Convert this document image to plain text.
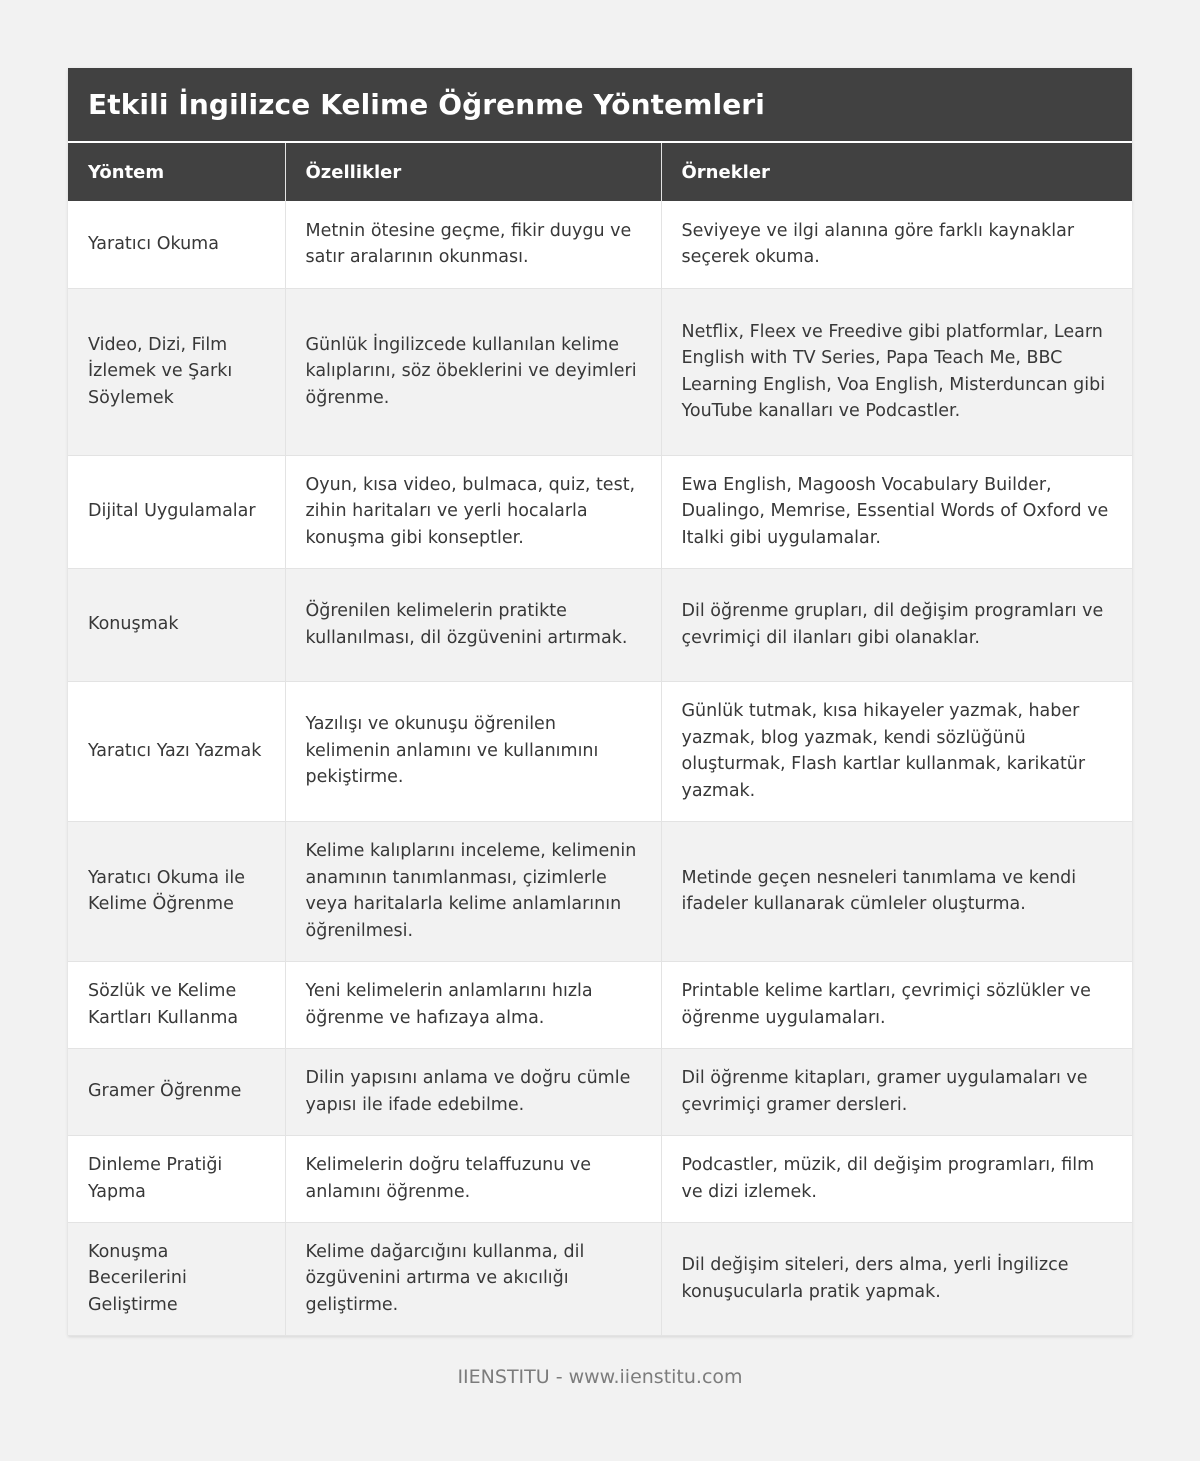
Etkili İngilizce Kelime Öğrenme Yöntemleri
Yöntem	Özellikler	Örnekler
Yaratıcı Okuma	Metnin ötesine geçme, fikir duygu ve satır aralarının okunması.	Seviyeye ve ilgi alanına göre farklı kaynaklar seçerek okuma.
Video, Dizi, Film İzlemek ve Şarkı Söylemek	Günlük İngilizcede kullanılan kelime kalıplarını, söz öbeklerini ve deyimleri öğrenme.	Netflix, Fleex ve Freedive gibi platformlar, Learn English with TV Series, Papa Teach Me, BBC Learning English, Voa English, Misterduncan gibi YouTube kanalları ve Podcastler.
Dijital Uygulamalar	Oyun, kısa video, bulmaca, quiz, test, zihin haritaları ve yerli hocalarla konuşma gibi konseptler.	Ewa English, Magoosh Vocabulary Builder, Dualingo, Memrise, Essential Words of Oxford ve Italki gibi uygulamalar.
Konuşmak	Öğrenilen kelimelerin pratikte kullanılması, dil özgüvenini artırmak.	Dil öğrenme grupları, dil değişim programları ve çevrimiçi dil ilanları gibi olanaklar.
Yaratıcı Yazı Yazmak	Yazılışı ve okunuşu öğrenilen kelimenin anlamını ve kullanımını pekiştirme.	Günlük tutmak, kısa hikayeler yazmak, haber yazmak, blog yazmak, kendi sözlüğünü oluşturmak, Flash kartlar kullanmak, karikatür yazmak.
Yaratıcı Okuma ile Kelime Öğrenme	Kelime kalıplarını inceleme, kelimenin anamının tanımlanması, çizimlerle veya haritalarla kelime anlamlarının öğrenilmesi.	Metinde geçen nesneleri tanımlama ve kendi ifadeler kullanarak cümleler oluşturma.
Sözlük ve Kelime Kartları Kullanma	Yeni kelimelerin anlamlarını hızla öğrenme ve hafızaya alma.	Printable kelime kartları, çevrimiçi sözlükler ve öğrenme uygulamaları.
Gramer Öğrenme	Dilin yapısını anlama ve doğru cümle yapısı ile ifade edebilme.	Dil öğrenme kitapları, gramer uygulamaları ve çevrimiçi gramer dersleri.
Dinleme Pratiği Yapma	Kelimelerin doğru telaffuzunu ve anlamını öğrenme.	Podcastler, müzik, dil değişim programları, film ve dizi izlemek.
Konuşma Becerilerini Geliştirme	Kelime dağarcığını kullanma, dil özgüvenini artırma ve akıcılığı geliştirme.	Dil değişim siteleri, ders alma, yerli İngilizce konuşucularla pratik yapmak.
IIENSTITU - www.iienstitu.com
